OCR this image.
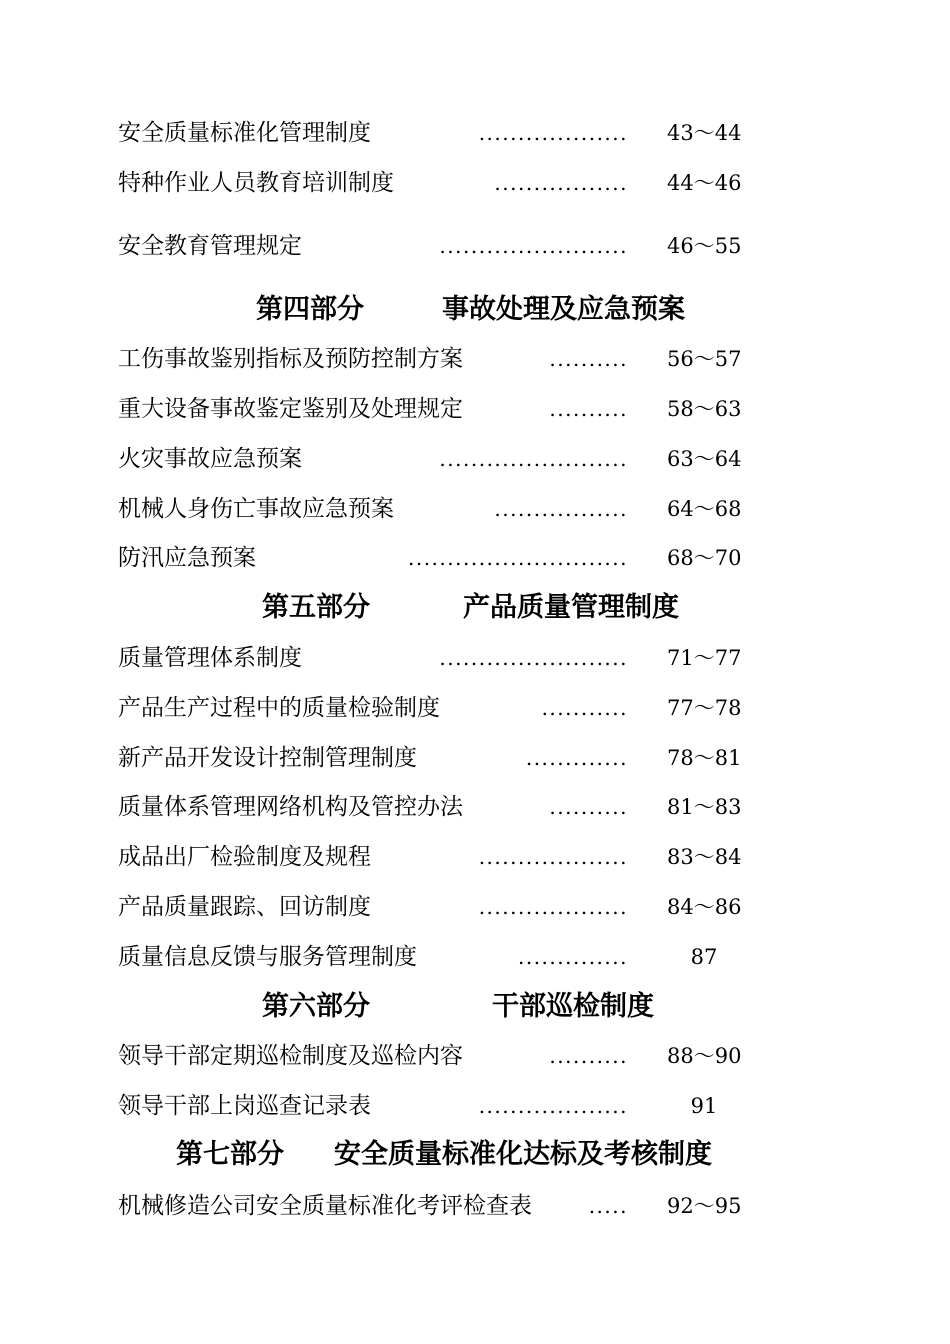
安全质量标准化管理制度	................... 43～44
特种作业人员教育培训制度	................. 44～46
安全教育管理规定	........................ 46～55
第四部分	事故处理及应急预案
工伤事故鉴别指标及预防控制方案	.......... 56～57
重大设备事故鉴定鉴别及处理规定	.......... 58～63
火灾事故应急预案	........................ 63～64
机械人身伤亡事故应急预案	................. 64～68
防汛应急预案	............................ 68～70
第五部分	产品质量管理制度
质量管理体系制度	........................ 71～77
产品生产过程中的质量检验制度	........... 77～78
新产品开发设计控制管理制度	............. 78～81
质量体系管理网络机构及管控办法	.......... 81～83
成品出厂检验制度及规程	................... 83～84
产品质量跟踪、回访制度	................... 84～86
质量信息反馈与服务管理制度	..............	87
第六部分	干部巡检制度
领导干部定期巡检制度及巡检内容	.......... 88～90
领导干部上岗巡查记录表	...................	91
第七部分 安全质量标准化达标及考核制度
机械修造公司安全质量标准化考评检查表	..... 92～95
